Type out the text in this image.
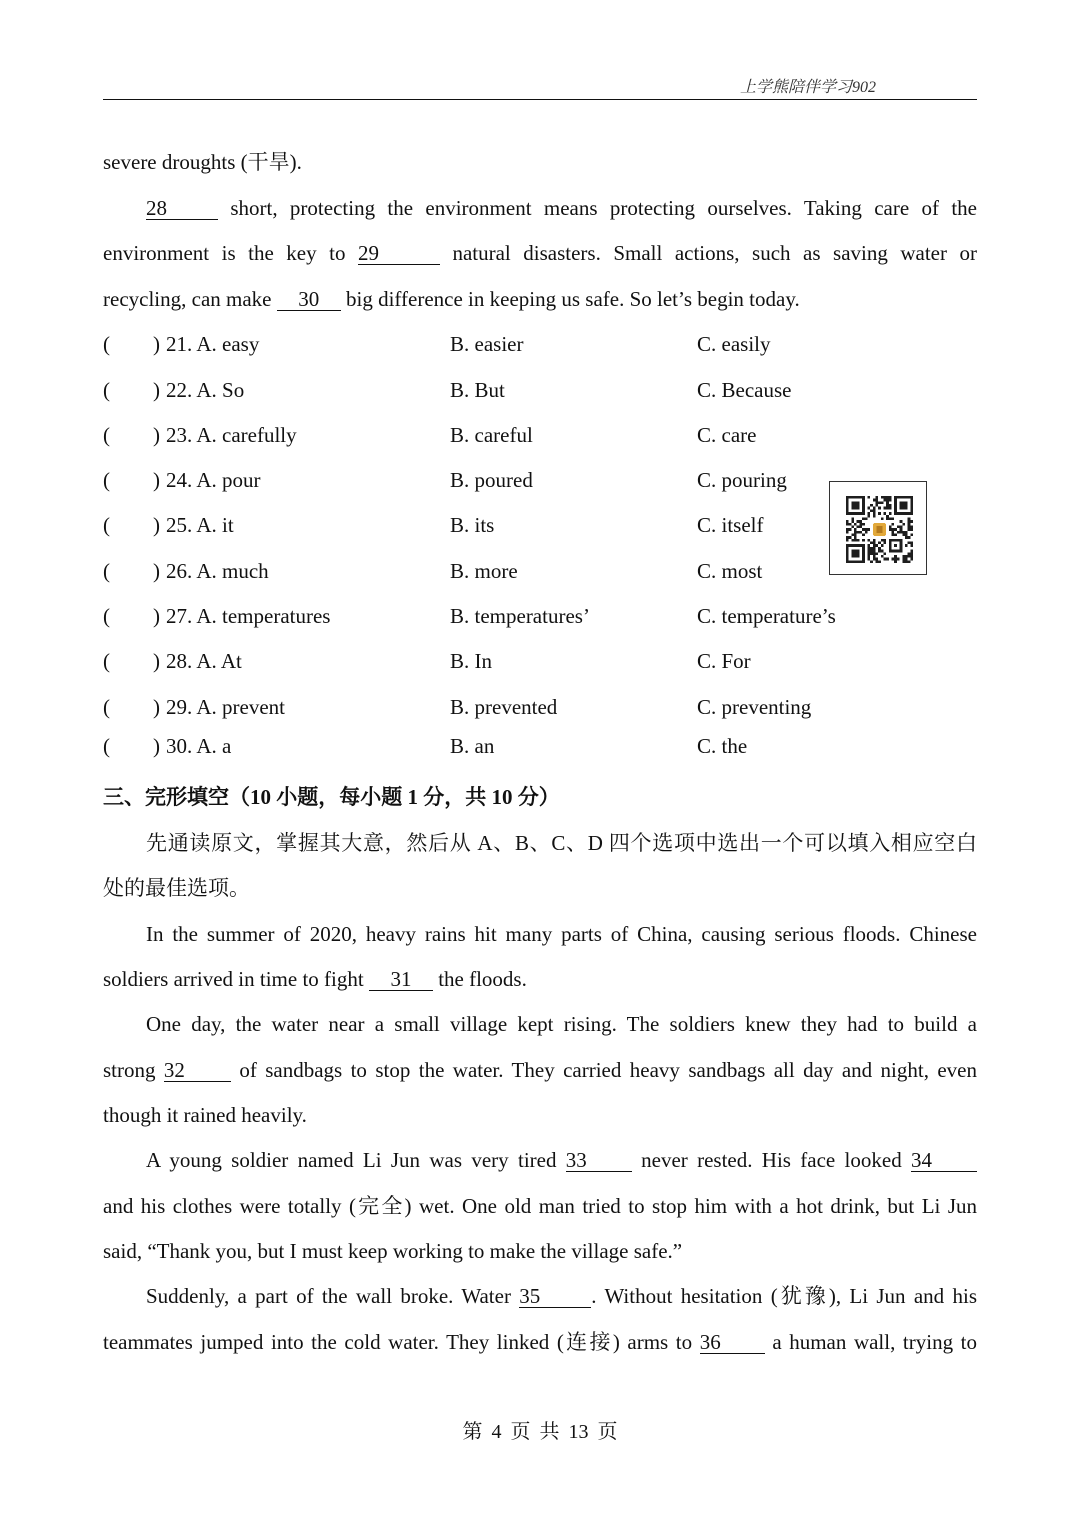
上学熊陪伴学习902
severe droughts (干旱).
28	short, protecting the environment means protecting ourselves. Taking care of the
environment is the key to 29	natural disasters. Small actions, such as saving water or
recycling, can make 30 big difference in keeping us safe. So let’s begin today.
( ) 21. A. easy	B. easier	C. easily
( ) 22. A. So	B. But	C. Because
( ) 23. A. carefully	B. careful	C. care
( ) 24. A. pour	B. poured	C. pouring
( ) 25. A. it	B. its	C. itself
( ) 26. A. much	B. more	C. most
( ) 27. A. temperatures	B. temperatures’	C. temperature’s
( ) 28. A. At	B. In	C. For
( ) 29. A. prevent	B. prevented	C. preventing
( ) 30. A. a	B. an	C. the
三、完形填空（10 小题，每小题 1 分，共 10 分）
先通读原文，掌握其大意，然后从 A、B、C、D 四个选项中选出一个可以填入相应空白
处的最佳选项。
In the summer of 2020, heavy rains hit many parts of China, causing serious floods. Chinese
soldiers arrived in time to fight 31 the floods.
One day, the water near a small village kept rising. The soldiers knew they had to build a
strong 32	of sandbags to stop the water. They carried heavy sandbags all day and night, even
though it rained heavily.
A young soldier named Li Jun was very tired 33	never rested. His face looked 34
and his clothes were totally (完全) wet. One old man tried to stop him with a hot drink, but Li Jun
said, “Thank you, but I must keep working to make the village safe.”
Suddenly, a part of the wall broke. Water 35 . Without hesitation (犹豫), Li Jun and his
teammates jumped into the cold water. They linked (连接) arms to 36 a human wall, trying to
第 4 页 共 13 页
